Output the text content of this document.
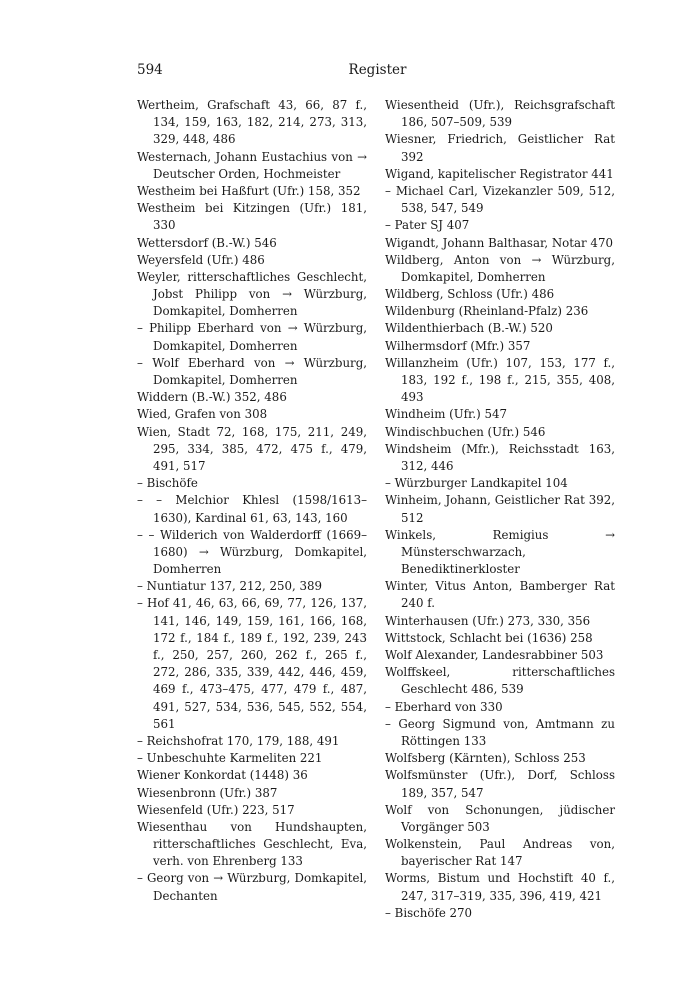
594	Register
Wertheim, Grafschaft 43, 66, 87 f., 134, 159, 163, 182, 214, 273, 313, 329, 448, 486
Westernach, Johann Eustachius von → Deutscher Orden, Hochmeister
Westheim bei Haßfurt (Ufr.) 158, 352
Westheim bei Kitzingen (Ufr.) 181, 330
Wettersdorf (B.-W.) 546
Weyersfeld (Ufr.) 486
Weyler, ritterschaftliches Geschlecht, Jobst Philipp von → Würzburg, Domkapitel, Domherren
– Philipp Eberhard von → Würzburg, Domkapitel, Domherren
– Wolf Eberhard von → Würzburg, Domkapitel, Domherren
Widdern (B.-W.) 352, 486
Wied, Grafen von 308
Wien, Stadt 72, 168, 175, 211, 249, 295, 334, 385, 472, 475 f., 479, 491, 517
– Bischöfe
– – Melchior Khlesl (1598/1613–1630), Kardinal 61, 63, 143, 160
– – Wilderich von Walderdorff (1669–1680) → Würzburg, Domkapitel, Domherren
– Nuntiatur 137, 212, 250, 389
– Hof 41, 46, 63, 66, 69, 77, 126, 137, 141, 146, 149, 159, 161, 166, 168, 172 f., 184 f., 189 f., 192, 239, 243 f., 250, 257, 260, 262 f., 265 f., 272, 286, 335, 339, 442, 446, 459, 469 f., 473–475, 477, 479 f., 487, 491, 527, 534, 536, 545, 552, 554, 561
– Reichshofrat 170, 179, 188, 491
– Unbeschuhte Karmeliten 221
Wiener Konkordat (1448) 36
Wiesenbronn (Ufr.) 387
Wiesenfeld (Ufr.) 223, 517
Wiesenthau von Hundshaupten, ritterschaftliches Geschlecht, Eva, verh. von Ehrenberg 133
– Georg von → Würzburg, Domkapitel, Dechanten
Wiesentheid (Ufr.), Reichsgrafschaft 186, 507–509, 539
Wiesner, Friedrich, Geistlicher Rat 392
Wigand, kapitelischer Registrator 441
– Michael Carl, Vizekanzler 509, 512, 538, 547, 549
– Pater SJ 407
Wigandt, Johann Balthasar, Notar 470
Wildberg, Anton von → Würzburg, Domkapitel, Domherren
Wildberg, Schloss (Ufr.) 486
Wildenburg (Rheinland-Pfalz) 236
Wildenthierbach (B.-W.) 520
Wilhermsdorf (Mfr.) 357
Willanzheim (Ufr.) 107, 153, 177 f., 183, 192 f., 198 f., 215, 355, 408, 493
Windheim (Ufr.) 547
Windischbuchen (Ufr.) 546
Windsheim (Mfr.), Reichsstadt 163, 312, 446
– Würzburger Landkapitel 104
Winheim, Johann, Geistlicher Rat 392, 512
Winkels, Remigius → Münsterschwarzach, Benediktinerkloster
Winter, Vitus Anton, Bamberger Rat 240 f.
Winterhausen (Ufr.) 273, 330, 356
Wittstock, Schlacht bei (1636) 258
Wolf Alexander, Landesrabbiner 503
Wolffskeel, ritterschaftliches Geschlecht 486, 539
– Eberhard von 330
– Georg Sigmund von, Amtmann zu Röttingen 133
Wolfsberg (Kärnten), Schloss 253
Wolfsmünster (Ufr.), Dorf, Schloss 189, 357, 547
Wolf von Schonungen, jüdischer Vorgänger 503
Wolkenstein, Paul Andreas von, bayerischer Rat 147
Worms, Bistum und Hochstift 40 f., 247, 317–319, 335, 396, 419, 421
– Bischöfe 270
